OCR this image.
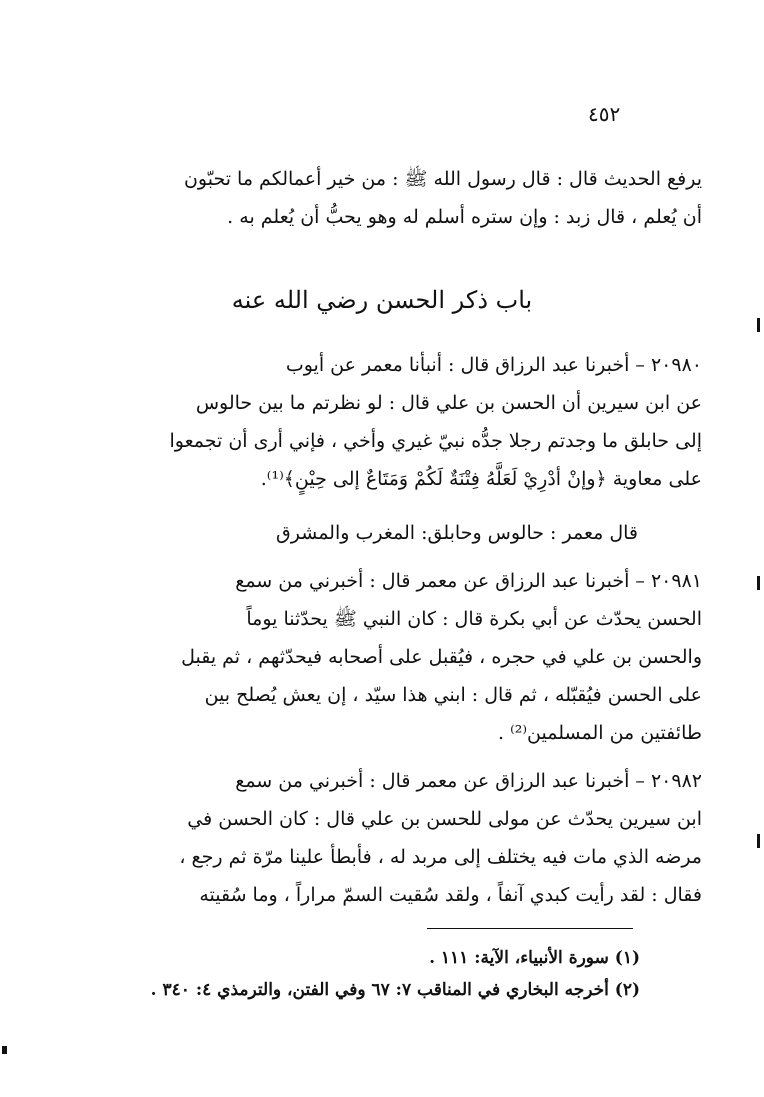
٤٥٢
يرفع الحديث قال : قال رسول الله ﷺ : من خير أعمالكم ما تحبّون
أن يُعلم ، قال زبد : وإن ستره أسلم له وهو يحبُّ أن يُعلم به .
باب ذكر الحسن رضي الله عنه
٢٠٩٨٠ – أخبرنا عبد الرزاق قال : أنبأنا معمر عن أيوب
عن ابن سيرين أن الحسن بن علي قال : لو نظرتم ما بين حالوس
إلى حابلق ما وجدتم رجلا جدُّه نبيّ غيري وأخي ، فإني أرى أن تجمعوا
على معاوية ﴿وإنْ أدْرِيْ لَعَلَّهُ فِتْنَةٌ لَكُمْ وَمَتَاعٌ إلى حِيْنٍ﴾⁽¹⁾.
قال معمر : حالوس وحابلق: المغرب والمشرق
٢٠٩٨١ – أخبرنا عبد الرزاق عن معمر قال : أخبرني من سمع
الحسن يحدّث عن أبي بكرة قال : كان النبي ﷺ يحدّثنا يوماً
والحسن بن علي في حجره ، فيُقبل على أصحابه فيحدّثهم ، ثم يقبل
على الحسن فيُقبّله ، ثم قال : ابني هذا سيّد ، إن يعش يُصلح بين
طائفتين من المسلمين⁽²⁾ .
٢٠٩٨٢ – أخبرنا عبد الرزاق عن معمر قال : أخبرني من سمع
ابن سيرين يحدّث عن مولى للحسن بن علي قال : كان الحسن في
مرضه الذي مات فيه يختلف إلى مربد له ، فأبطأ علينا مرّة ثم رجع ،
فقال : لقد رأيت كبدي آنفاً ، ولقد سُقيت السمّ مراراً ، وما سُقيته
(١) سورة الأنبياء، الآية: ١١١ .
(٢) أخرجه البخاري في المناقب ٧: ٦٧ وفي الفتن، والترمذي ٤: ٣٤٠ .
